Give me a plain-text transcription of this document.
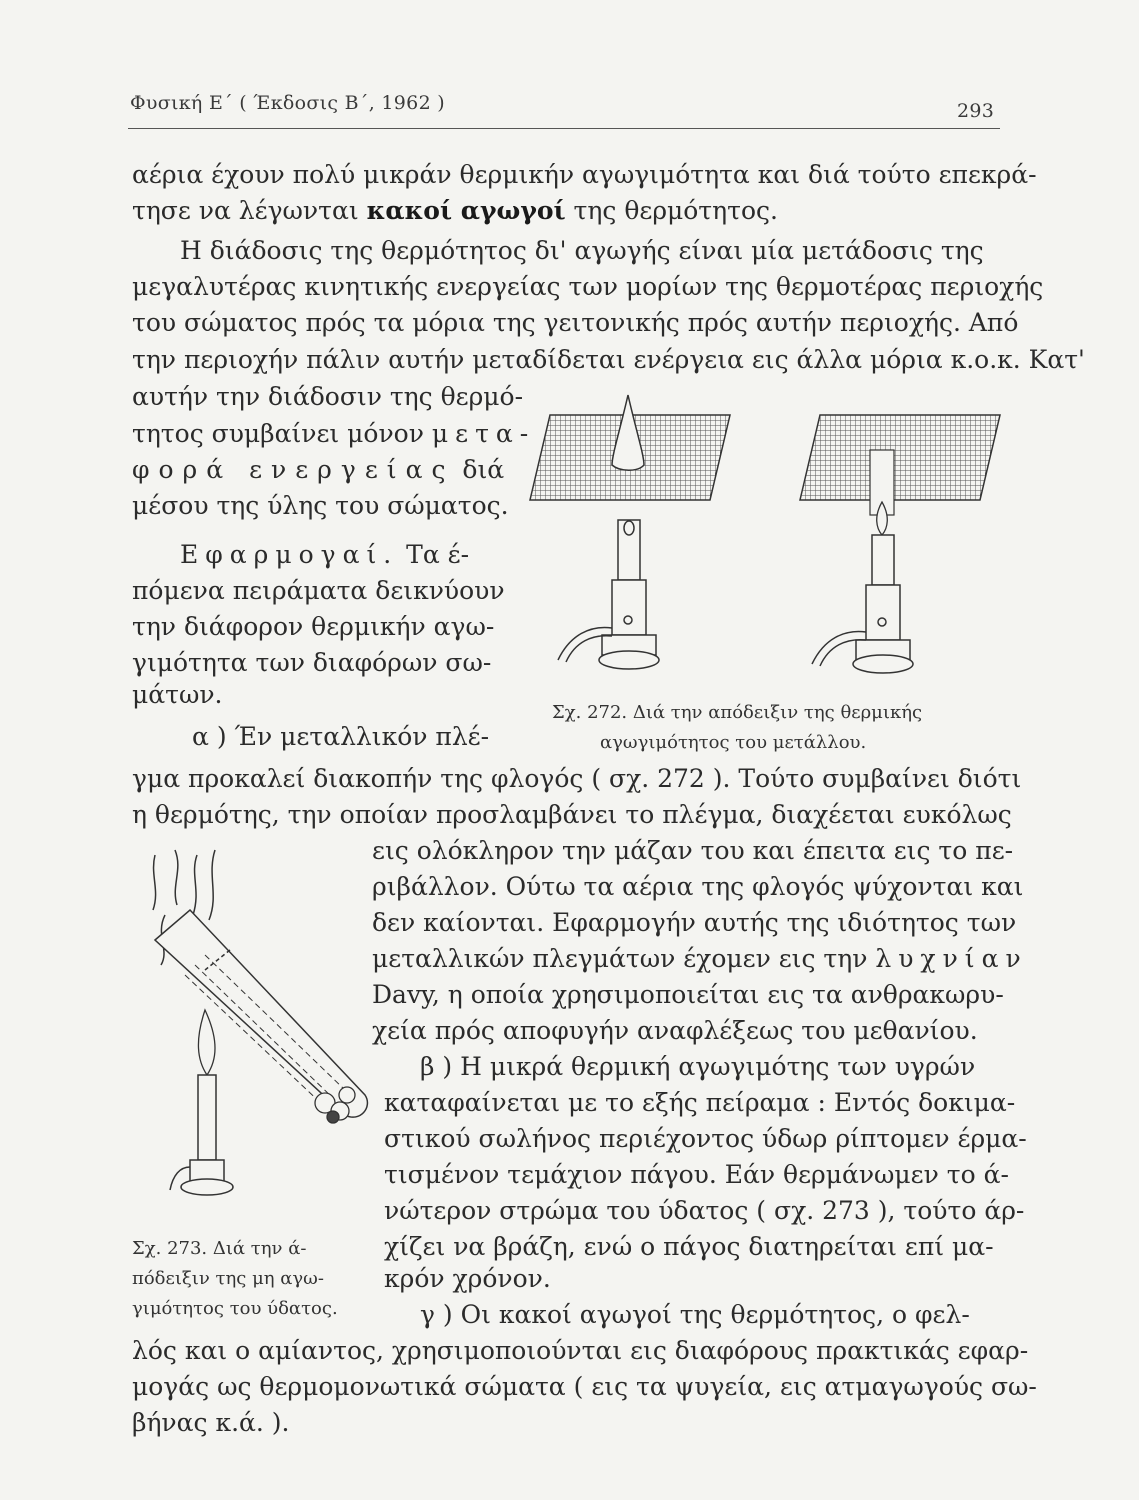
Φυσική Ε΄ ( Έκδοσις Β΄, 1962 )	293
αέρια έχουν πολύ μικράν θερμικήν αγωγιμότητα και διά τούτο επεκρά-
τησε να λέγωνται κακοί αγωγοί της θερμότητος.
Η διάδοσις της θερμότητος δι' αγωγής είναι μία μετάδοσις της
μεγαλυτέρας κινητικής ενεργείας των μορίων της θερμοτέρας περιοχής
του σώματος πρός τα μόρια της γειτονικής πρός αυτήν περιοχής. Από
την περιοχήν πάλιν αυτήν μεταδίδεται ενέργεια εις άλλα μόρια κ.ο.κ. Κατ'
αυτήν την διάδοσιν της θερμό-
τητος συμβαίνει μόνον μετα-
φορά ενεργείας διά
μέσου της ύλης του σώματος.
Εφαρμογαί. Τα έ-
πόμενα πειράματα δεικνύουν
την διάφορον θερμικήν αγω-
γιμότητα των διαφόρων σω-
μάτων.
Σχ. 272. Διά την απόδειξιν της θερμικής
αγωγιμότητος του μετάλλου.
α ) Έν μεταλλικόν πλέ-
γμα προκαλεί διακοπήν της φλογός ( σχ. 272 ). Τούτο συμβαίνει διότι
η θερμότης, την οποίαν προσλαμβάνει το πλέγμα, διαχέεται ευκόλως
εις ολόκληρον την μάζαν του και έπειτα εις το πε-
ριβάλλον. Ούτω τα αέρια της φλογός ψύχονται και
δεν καίονται. Εφαρμογήν αυτής της ιδιότητος των
μεταλλικών πλεγμάτων έχομεν εις την λυχνίαν
Davy, η οποία χρησιμοποιείται εις τα ανθρακωρυ-
χεία πρός αποφυγήν αναφλέξεως του μεθανίου.
Σχ. 273. Διά την ά-
πόδειξιν της μη αγω-
γιμότητος του ύδατος.
β ) Η μικρά θερμική αγωγιμότης των υγρών
καταφαίνεται με το εξής πείραμα : Εντός δοκιμα-
στικού σωλήνος περιέχοντος ύδωρ ρίπτομεν έρμα-
τισμένον τεμάχιον πάγου. Εάν θερμάνωμεν το ά-
νώτερον στρώμα του ύδατος ( σχ. 273 ), τούτο άρ-
χίζει να βράζη, ενώ ο πάγος διατηρείται επί μα-
κρόν χρόνον.
γ ) Οι κακοί αγωγοί της θερμότητος, ο φελ-
λός και ο αμίαντος, χρησιμοποιούνται εις διαφόρους πρακτικάς εφαρ-
μογάς ως θερμομονωτικά σώματα ( εις τα ψυγεία, εις ατμαγωγούς σω-
βήνας κ.ά. ).
